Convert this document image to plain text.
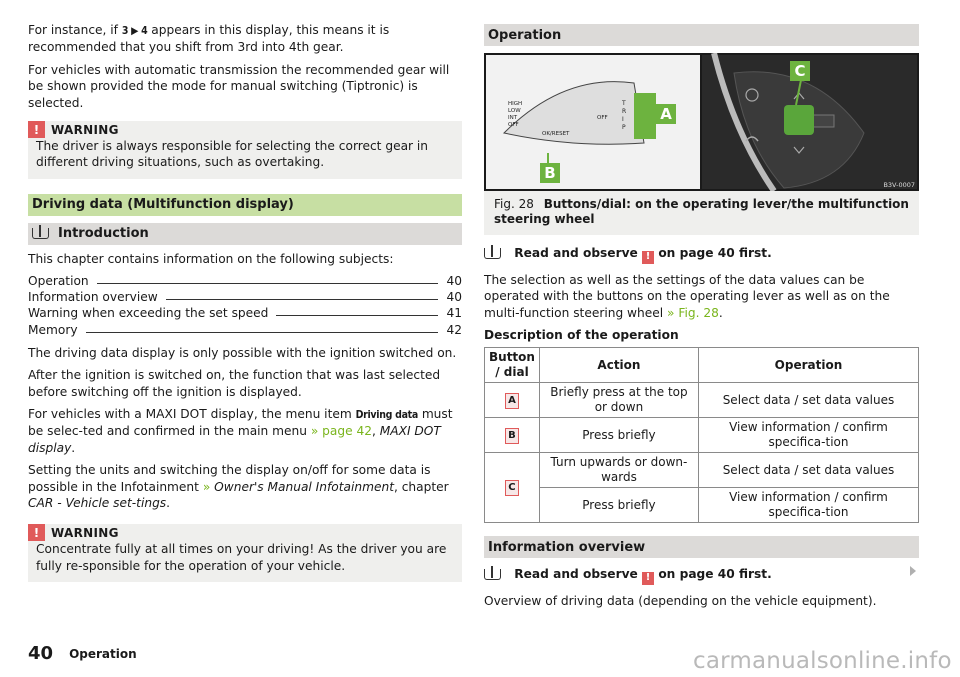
For instance, if 3 ▶ 4 appears in this display, this means it is recommended that you shift from 3rd into 4th gear.

For vehicles with automatic transmission the recommended gear will be shown provided the mode for manual switching (Tiptronic) is selected.

! WARNING

The driver is always responsible for selecting the correct gear in different driving situations, such as overtaking.

Driving data (Multifunction display)
Introduction

This chapter contains information on the following subjects:

Operation	40
Information overview	40
Warning when exceeding the set speed	41
Memory	42

The driving data display is only possible with the ignition switched on.

After the ignition is switched on, the function that was last selected before switching off the ignition is displayed.

For vehicles with a MAXI DOT display, the menu item Driving data must be selec-ted and confirmed in the main menu » page 42, MAXI DOT display.

Setting the units and switching the display on/off for some data is possible in the Infotainment » Owner's Manual Infotainment, chapter CAR - Vehicle set-tings.

! WARNING

Concentrate fully at all times on your driving! As the driver you are fully re-sponsible for the operation of your vehicle.

Operation
HIGH
LOW
INT
OFF
OK/RESET
OFF
T
R
I
P
A
B
C
B3V-0007
Fig. 28 Buttons/dial: on the operating lever/the multifunction steering wheel

Read and observe ! on page 40 first.

The selection as well as the settings of the data values can be operated with the buttons on the operating lever as well as on the multi-function steering wheel » Fig. 28.

Description of the operation

Button / dial	Action	Operation
A	Briefly press at the top or down	Select data / set data values
B	Press briefly	View information / confirm specifica-tion
C	Turn upwards or down-wards	Select data / set data values
	Press briefly	View information / confirm specifica-tion
Information overview

Read and observe ! on page 40 first.

Overview of driving data (depending on the vehicle equipment).

40 Operation	carmanualsonline.info
